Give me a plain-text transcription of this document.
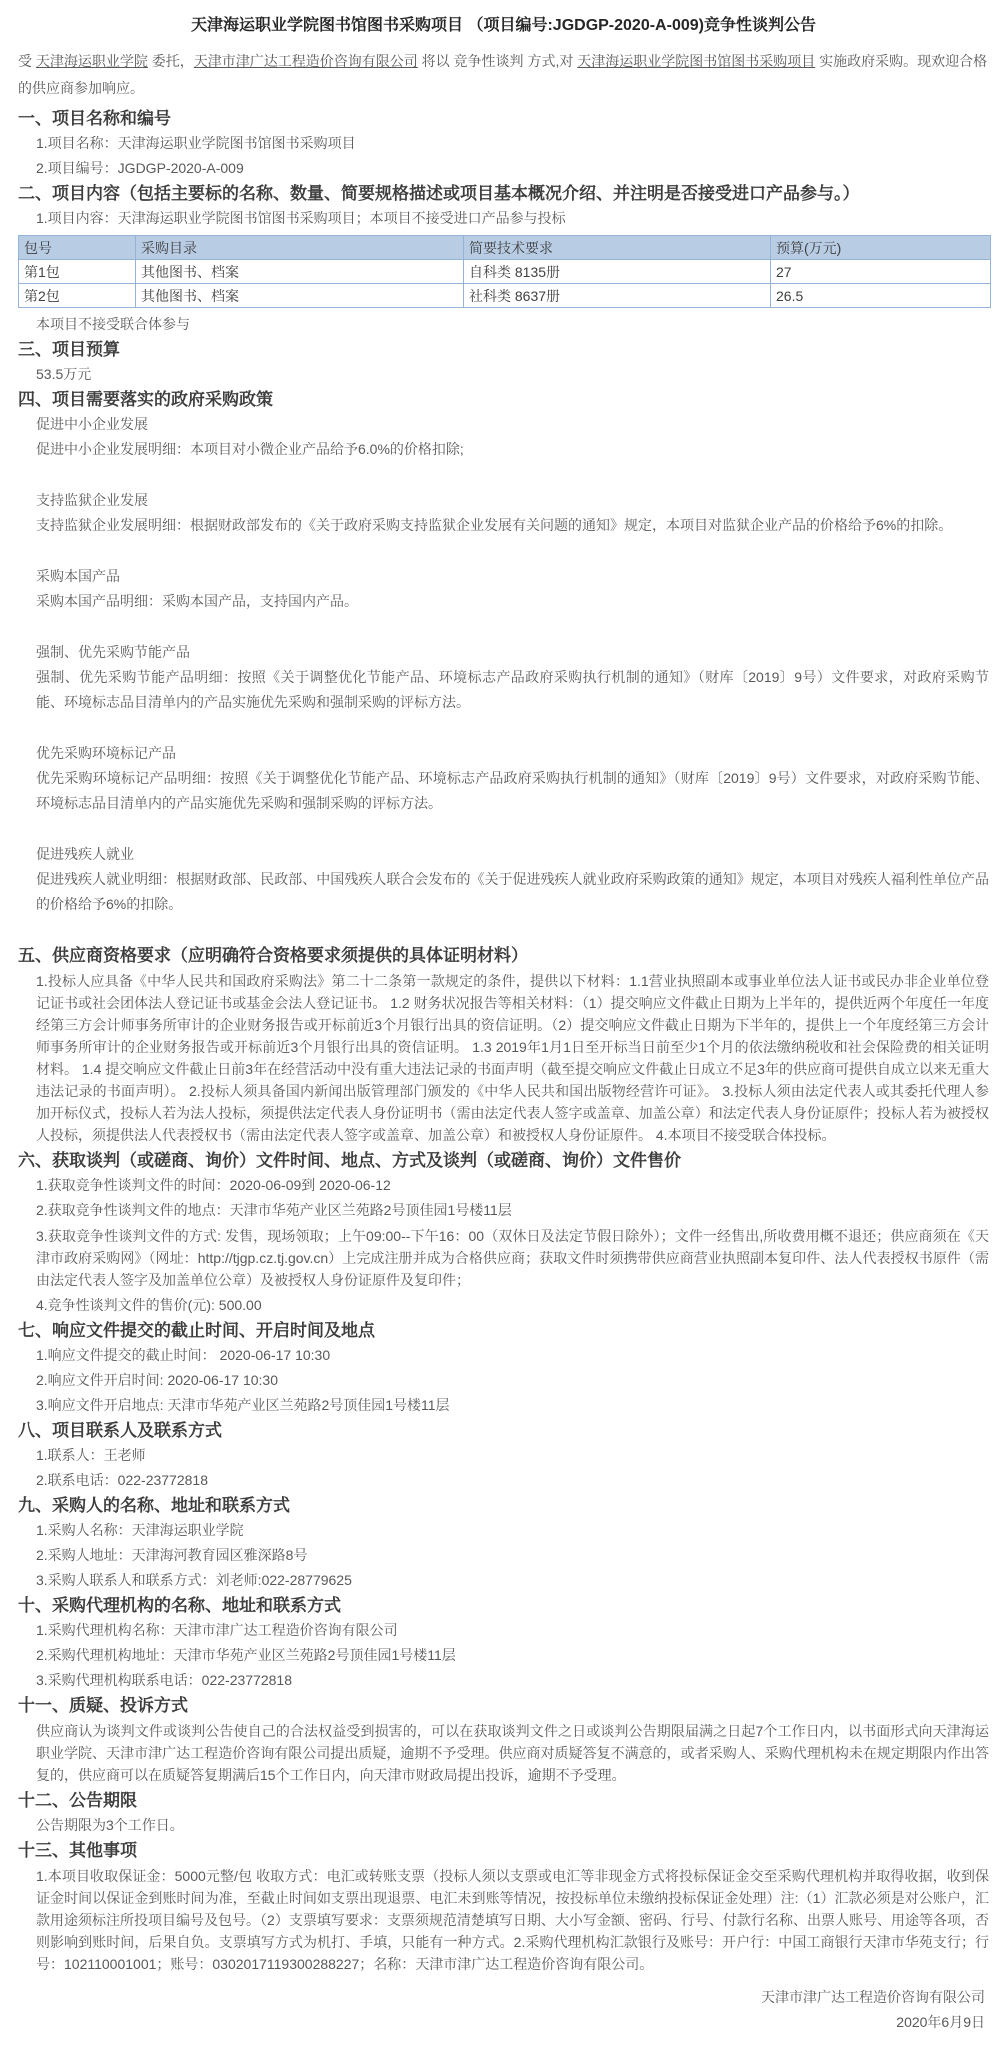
天津海运职业学院图书馆图书采购项目 （项目编号:JGDGP-2020-A-009)竞争性谈判公告

受 天津海运职业学院 委托，天津市津广达工程造价咨询有限公司 将以 竞争性谈判 方式,对 天津海运职业学院图书馆图书采购项目 实施政府采购。现欢迎合格的供应商参加响应。

一、项目名称和编号

1.项目名称：天津海运职业学院图书馆图书采购项目

2.项目编号：JGDGP-2020-A-009

二、项目内容（包括主要标的名称、数量、简要规格描述或项目基本概况介绍、并注明是否接受进口产品参与。）

1.项目内容：天津海运职业学院图书馆图书采购项目；本项目不接受进口产品参与投标

包号	采购目录	简要技术要求	预算(万元)
第1包	其他图书、档案	自科类 8135册	27
第2包	其他图书、档案	社科类 8637册	26.5

本项目不接受联合体参与

三、项目预算

53.5万元

四、项目需要落实的政府采购政策

促进中小企业发展

促进中小企业发展明细：本项目对小微企业产品给予6.0%的价格扣除;

支持监狱企业发展

支持监狱企业发展明细：根据财政部发布的《关于政府采购支持监狱企业发展有关问题的通知》规定，本项目对监狱企业产品的价格给予6%的扣除。

采购本国产品

采购本国产品明细：采购本国产品，支持国内产品。

强制、优先采购节能产品

强制、优先采购节能产品明细：按照《关于调整优化节能产品、环境标志产品政府采购执行机制的通知》（财库〔2019〕9号）文件要求，对政府采购节能、环境标志品目清单内的产品实施优先采购和强制采购的评标方法。

优先采购环境标记产品

优先采购环境标记产品明细：按照《关于调整优化节能产品、环境标志产品政府采购执行机制的通知》（财库〔2019〕9号）文件要求，对政府采购节能、环境标志品目清单内的产品实施优先采购和强制采购的评标方法。

促进残疾人就业

促进残疾人就业明细：根据财政部、民政部、中国残疾人联合会发布的《关于促进残疾人就业政府采购政策的通知》规定，本项目对残疾人福利性单位产品的价格给予6%的扣除。

五、供应商资格要求（应明确符合资格要求须提供的具体证明材料）

1.投标人应具备《中华人民共和国政府采购法》第二十二条第一款规定的条件，提供以下材料：1.1营业执照副本或事业单位法人证书或民办非企业单位登记证书或社会团体法人登记证书或基金会法人登记证书。 1.2 财务状况报告等相关材料：（1）提交响应文件截止日期为上半年的，提供近两个年度任一年度经第三方会计师事务所审计的企业财务报告或开标前近3个月银行出具的资信证明。（2）提交响应文件截止日期为下半年的，提供上一个年度经第三方会计师事务所审计的企业财务报告或开标前近3个月银行出具的资信证明。 1.3 2019年1月1日至开标当日前至少1个月的依法缴纳税收和社会保险费的相关证明材料。 1.4 提交响应文件截止日前3年在经营活动中没有重大违法记录的书面声明（截至提交响应文件截止日成立不足3年的供应商可提供自成立以来无重大违法记录的书面声明）。 2.投标人须具备国内新闻出版管理部门颁发的《中华人民共和国出版物经营许可证》。 3.投标人须由法定代表人或其委托代理人参加开标仪式，投标人若为法人投标，须提供法定代表人身份证明书（需由法定代表人签字或盖章、加盖公章）和法定代表人身份证原件；投标人若为被授权人投标，须提供法人代表授权书（需由法定代表人签字或盖章、加盖公章）和被授权人身份证原件。 4.本项目不接受联合体投标。

六、获取谈判（或磋商、询价）文件时间、地点、方式及谈判（或磋商、询价）文件售价

1.获取竞争性谈判文件的时间：2020-06-09到 2020-06-12

2.获取竞争性谈判文件的地点：天津市华苑产业区兰苑路2号顶佳园1号楼11层

3.获取竞争性谈判文件的方式: 发售，现场领取；上午09:00--下午16：00（双休日及法定节假日除外）；文件一经售出,所收费用概不退还；供应商须在《天津市政府采购网》（网址：http://tjgp.cz.tj.gov.cn）上完成注册并成为合格供应商；获取文件时须携带供应商营业执照副本复印件、法人代表授权书原件（需由法定代表人签字及加盖单位公章）及被授权人身份证原件及复印件；

4.竞争性谈判文件的售价(元): 500.00

七、响应文件提交的截止时间、开启时间及地点

1.响应文件提交的截止时间： 2020-06-17 10:30

2.响应文件开启时间: 2020-06-17 10:30

3.响应文件开启地点: 天津市华苑产业区兰苑路2号顶佳园1号楼11层

八、项目联系人及联系方式

1.联系人：王老师

2.联系电话：022-23772818

九、采购人的名称、地址和联系方式

1.采购人名称：天津海运职业学院

2.采购人地址：天津海河教育园区雅深路8号

3.采购人联系人和联系方式：刘老师:022-28779625

十、采购代理机构的名称、地址和联系方式

1.采购代理机构名称：天津市津广达工程造价咨询有限公司

2.采购代理机构地址：天津市华苑产业区兰苑路2号顶佳园1号楼11层

3.采购代理机构联系电话：022-23772818

十一、质疑、投诉方式

供应商认为谈判文件或谈判公告使自己的合法权益受到损害的，可以在获取谈判文件之日或谈判公告期限届满之日起7个工作日内，以书面形式向天津海运职业学院、天津市津广达工程造价咨询有限公司提出质疑，逾期不予受理。供应商对质疑答复不满意的，或者采购人、采购代理机构未在规定期限内作出答复的，供应商可以在质疑答复期满后15个工作日内，向天津市财政局提出投诉，逾期不予受理。

十二、公告期限

公告期限为3个工作日。

十三、其他事项

1.本项目收取保证金：5000元整/包 收取方式：电汇或转账支票（投标人须以支票或电汇等非现金方式将投标保证金交至采购代理机构并取得收据，收到保证金时间以保证金到账时间为准，至截止时间如支票出现退票、电汇未到账等情况，按投标单位未缴纳投标保证金处理）注:（1）汇款必须是对公账户，汇款用途须标注所投项目编号及包号。（2）支票填写要求：支票须规范清楚填写日期、大小写金额、密码、行号、付款行名称、出票人账号、用途等各项，否则影响到账时间，后果自负。支票填写方式为机打、手填，只能有一种方式。2.采购代理机构汇款银行及账号：开户行：中国工商银行天津市华苑支行；行号：102110001001；账号：0302017119300288227；名称：天津市津广达工程造价咨询有限公司。

天津市津广达工程造价咨询有限公司
2020年6月9日
